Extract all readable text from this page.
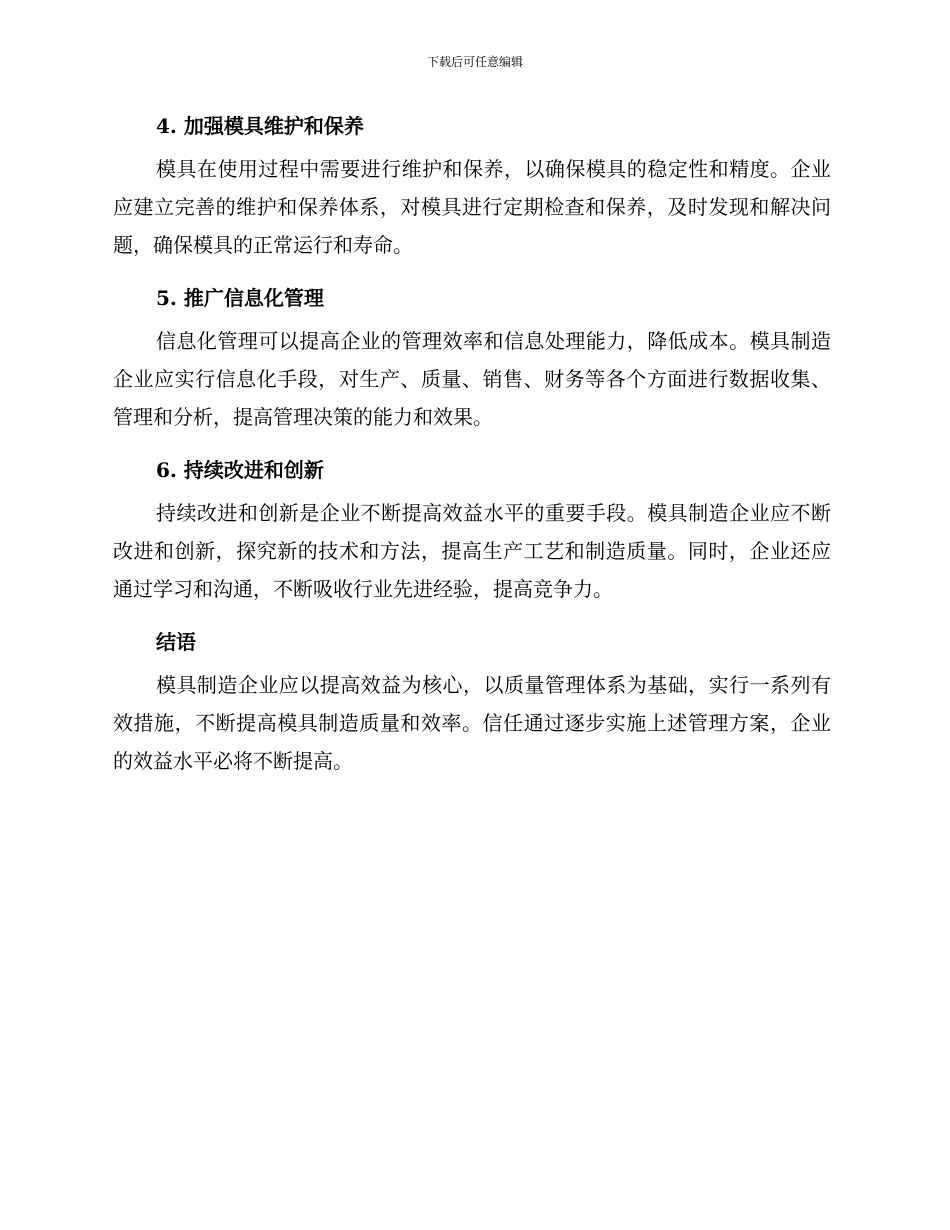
下载后可任意编辑
4. 加强模具维护和保养

模具在使用过程中需要进行维护和保养，以确保模具的稳定性和精度。企业应建立完善的维护和保养体系，对模具进行定期检查和保养，及时发现和解决问题，确保模具的正常运行和寿命。

5. 推广信息化管理

信息化管理可以提高企业的管理效率和信息处理能力，降低成本。模具制造企业应实行信息化手段，对生产、质量、销售、财务等各个方面进行数据收集、管理和分析，提高管理决策的能力和效果。

6. 持续改进和创新

持续改进和创新是企业不断提高效益水平的重要手段。模具制造企业应不断改进和创新，探究新的技术和方法，提高生产工艺和制造质量。同时，企业还应通过学习和沟通，不断吸收行业先进经验，提高竞争力。

结语

模具制造企业应以提高效益为核心，以质量管理体系为基础，实行一系列有效措施，不断提高模具制造质量和效率。信任通过逐步实施上述管理方案，企业的效益水平必将不断提高。
